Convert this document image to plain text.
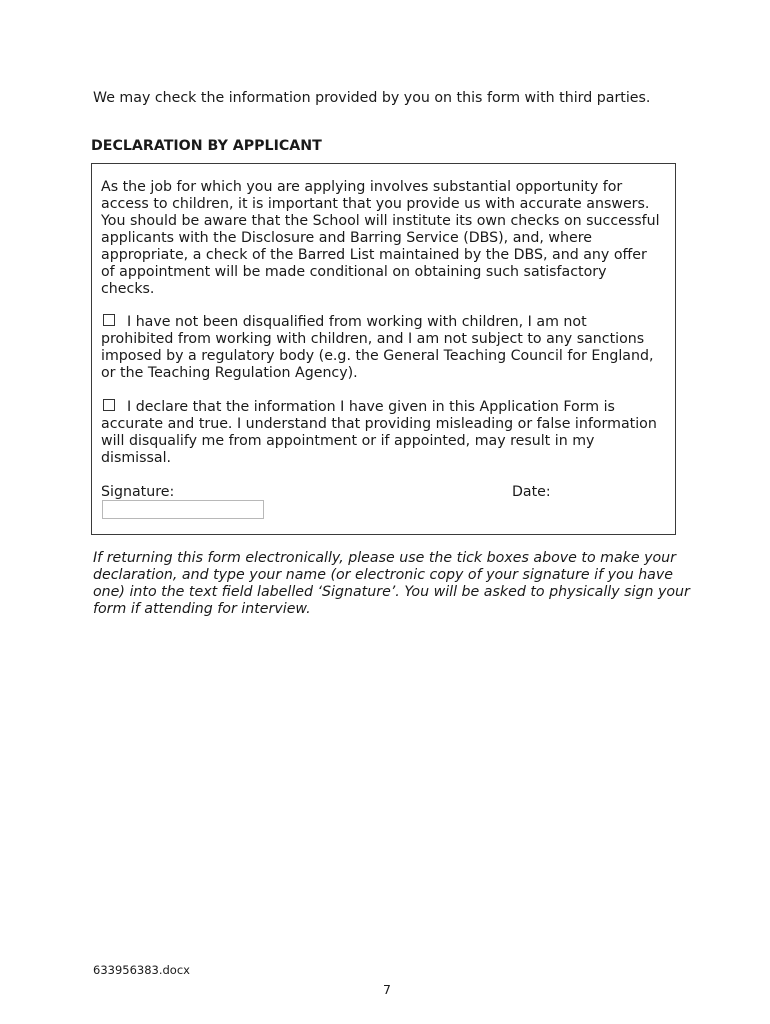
We may check the information provided by you on this form with third parties.

DECLARATION BY APPLICANT

As the job for which you are applying involves substantial opportunity for access to children, it is important that you provide us with accurate answers. You should be aware that the School will institute its own checks on successful applicants with the Disclosure and Barring Service (DBS), and, where appropriate, a check of the Barred List maintained by the DBS, and any offer of appointment will be made conditional on obtaining such satisfactory checks.

I have not been disqualified from working with children, I am not prohibited from working with children, and I am not subject to any sanctions imposed by a regulatory body (e.g. the General Teaching Council for England, or the Teaching Regulation Agency).

I declare that the information I have given in this Application Form is accurate and true. I understand that providing misleading or false information will disqualify me from appointment or if appointed, may result in my dismissal.

Signature:	Date:

If returning this form electronically, please use the tick boxes above to make your declaration, and type your name (or electronic copy of your signature if you have one) into the text field labelled ‘Signature’. You will be asked to physically sign your form if attending for interview.

633956383.docx
7
